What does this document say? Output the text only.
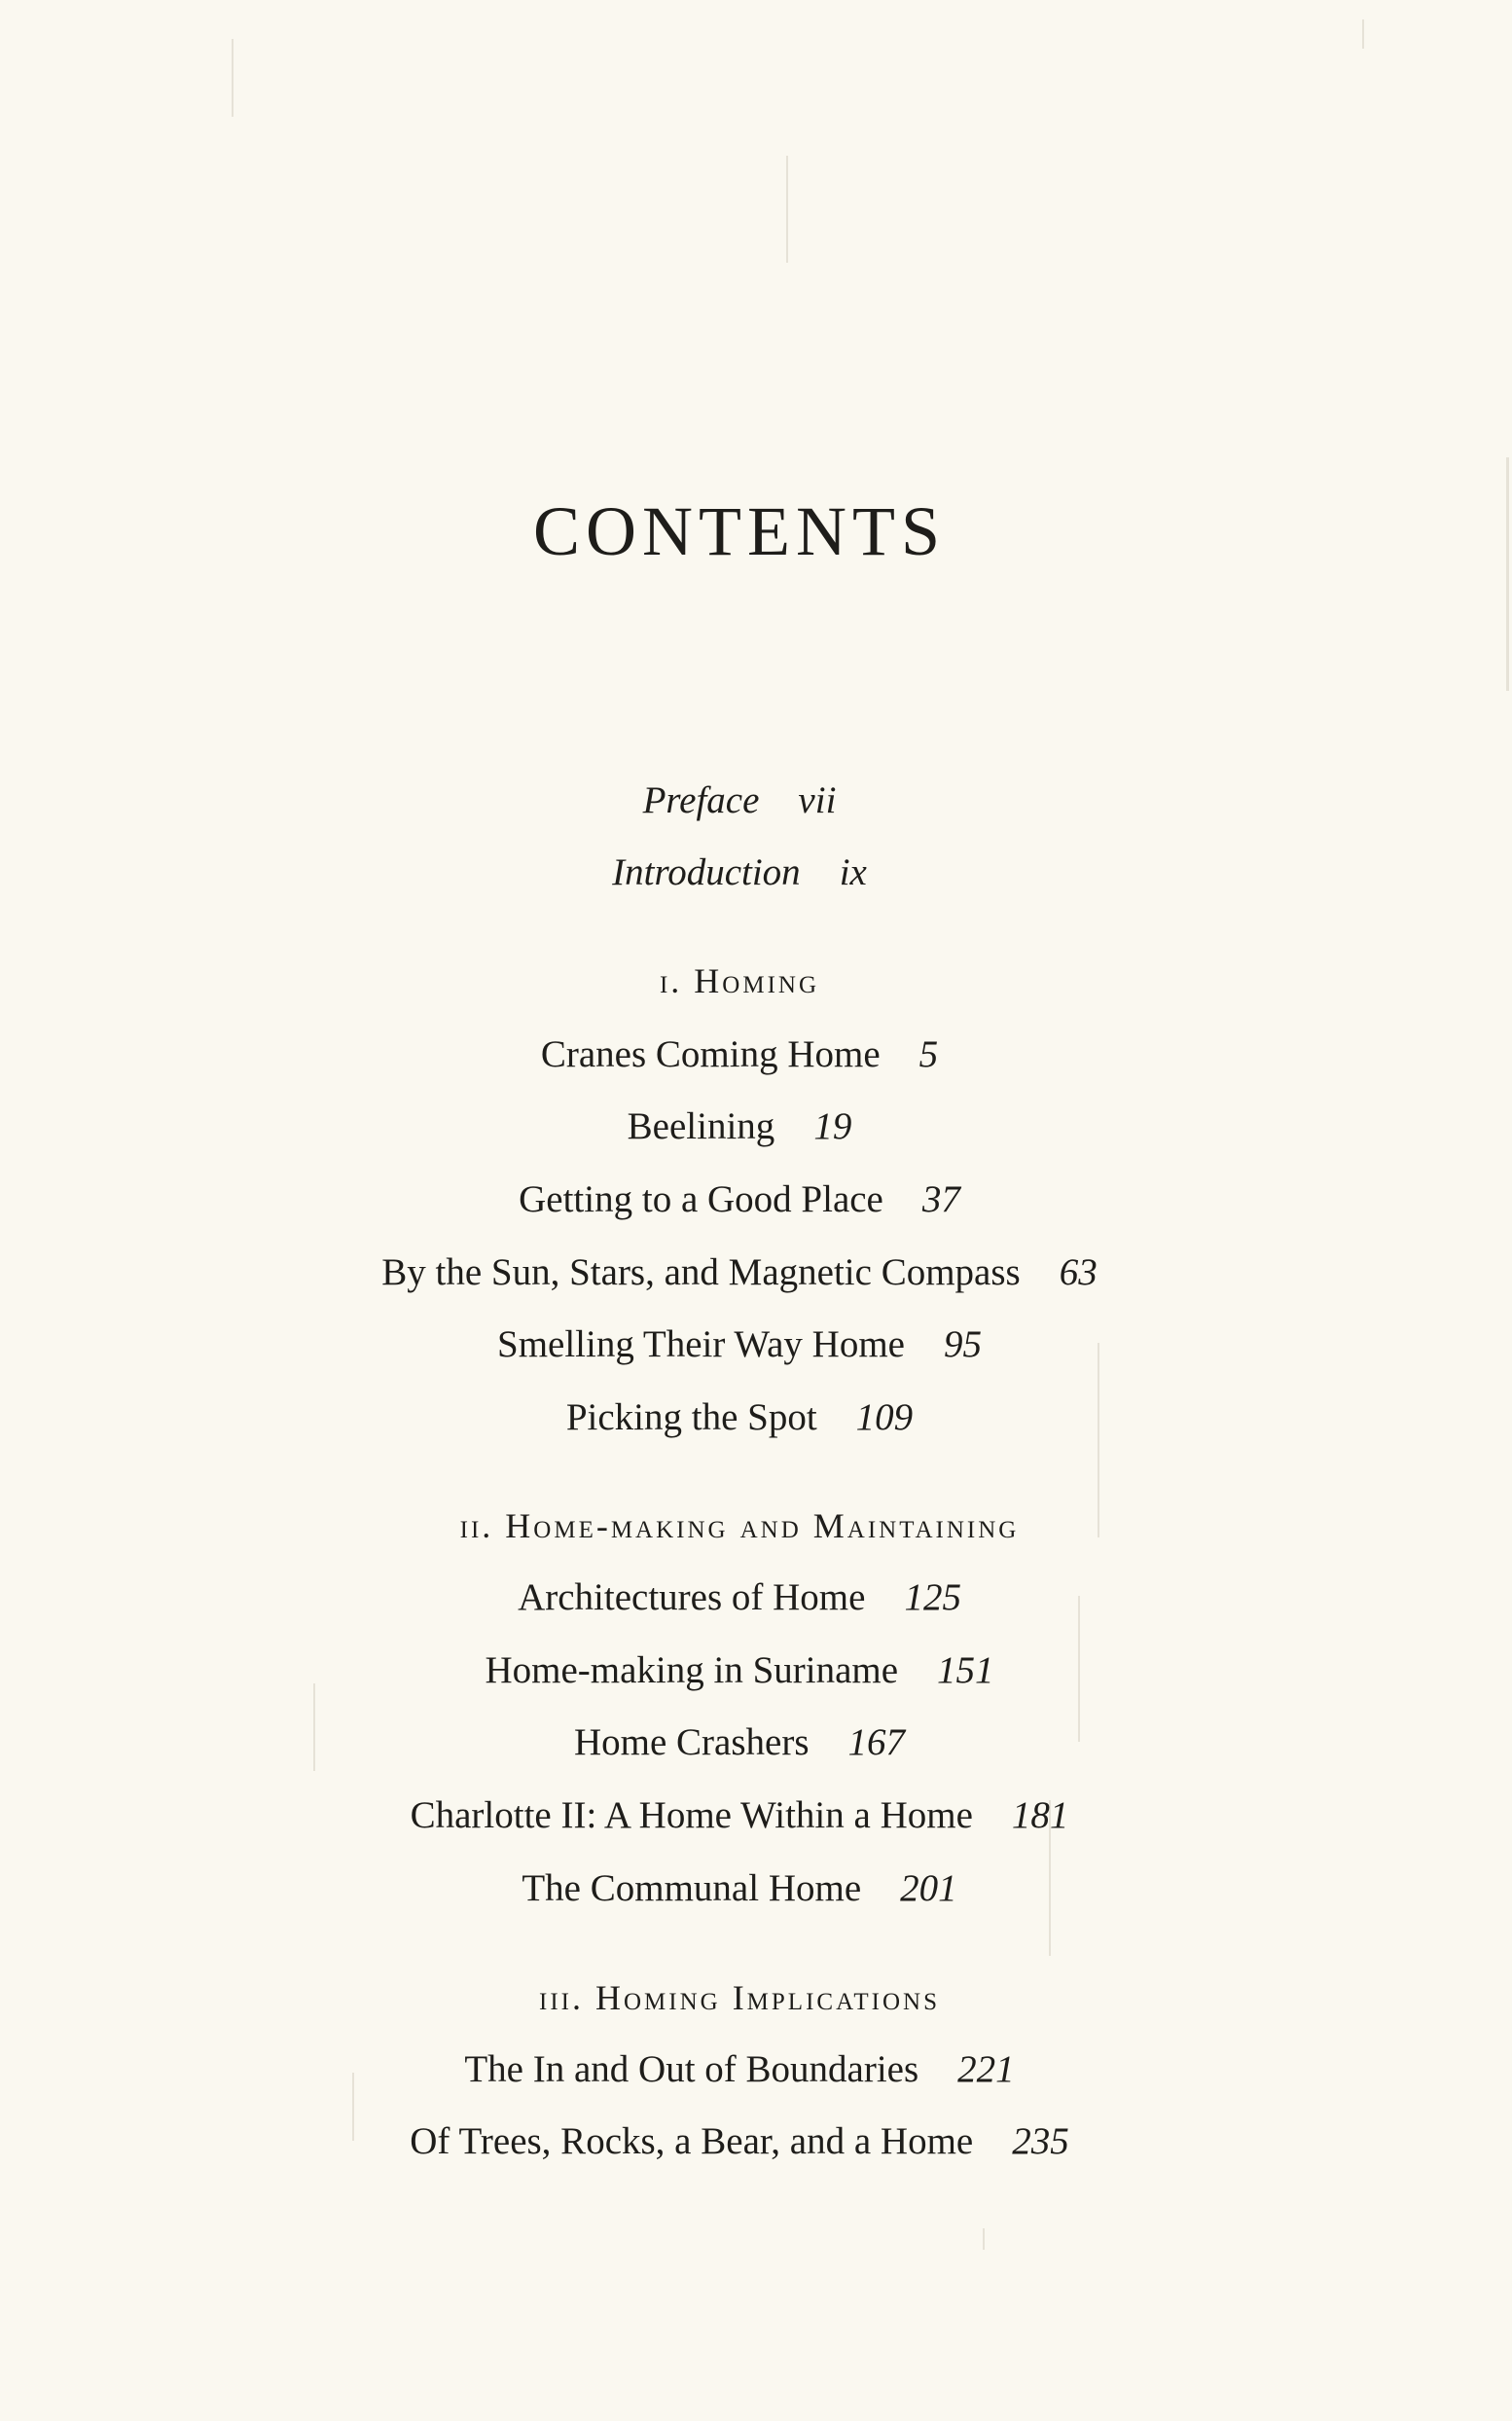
CONTENTS
Preface vii
Introduction ix
i. Homing
Cranes Coming Home 5
Beelining 19
Getting to a Good Place 37
By the Sun, Stars, and Magnetic Compass 63
Smelling Their Way Home 95
Picking the Spot 109
ii. Home-making and Maintaining
Architectures of Home 125
Home-making in Suriname 151
Home Crashers 167
Charlotte II: A Home Within a Home 181
The Communal Home 201
iii. Homing Implications
The In and Out of Boundaries 221
Of Trees, Rocks, a Bear, and a Home 235
